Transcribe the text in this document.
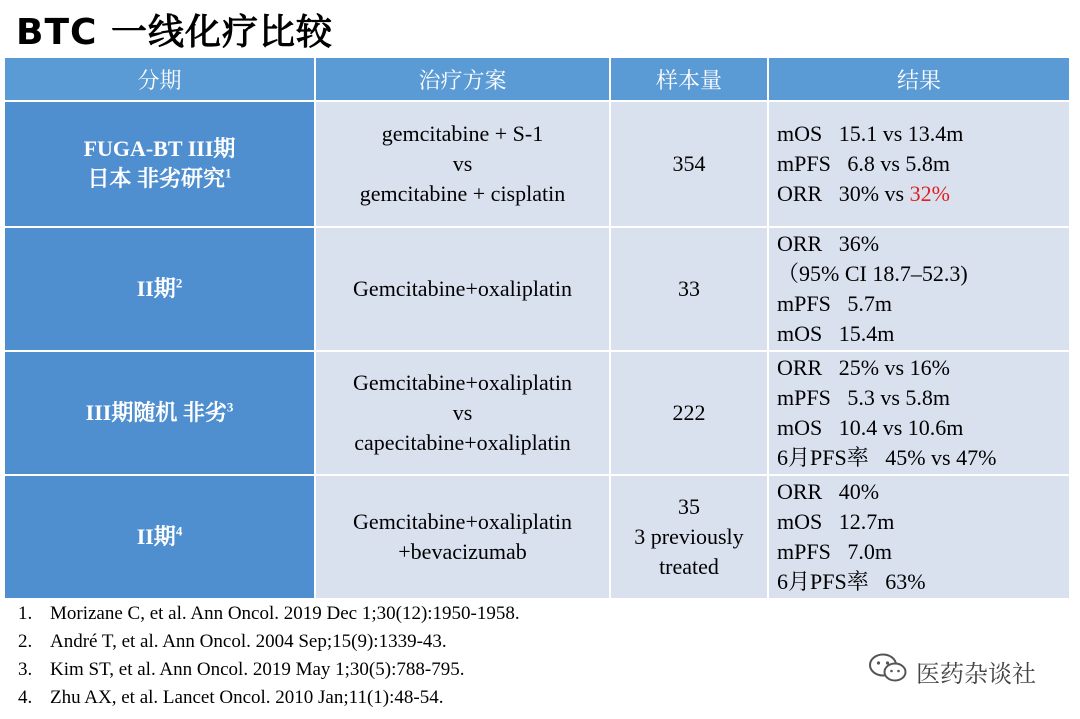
BTC 一线化疗比较
分期	治疗方案	样本量	结果

FUGA-BT III期
日本 非劣研究$^1$	gemcitabine + S-1
vs
gemcitabine + cisplatin	354	mOS   15.1 vs 13.4m
mPFS   6.8 vs 5.8m
ORR   30% vs 32%

II期$^2$	Gemcitabine+oxaliplatin	33	ORR   36%
（95% CI 18.7–52.3)
mPFS   5.7m
mOS   15.4m

III期随机 非劣$^3$	Gemcitabine+oxaliplatin
vs
capecitabine+oxaliplatin	222	ORR   25% vs 16%
mPFS   5.3 vs 5.8m
mOS   10.4 vs 10.6m
6月PFS率   45% vs 47%

II期$^4$	Gemcitabine+oxaliplatin
+bevacizumab	35
3 previously
treated	ORR   40%
mOS   12.7m
mPFS   7.0m
6月PFS率   63%
1. Morizane C, et al. Ann Oncol. 2019 Dec 1;30(12):1950-1958.
2. André T, et al. Ann Oncol. 2004 Sep;15(9):1339-43.
3. Kim ST, et al. Ann Oncol. 2019 May 1;30(5):788-795.
4. Zhu AX, et al. Lancet Oncol. 2010 Jan;11(1):48-54.
医药杂谈社
